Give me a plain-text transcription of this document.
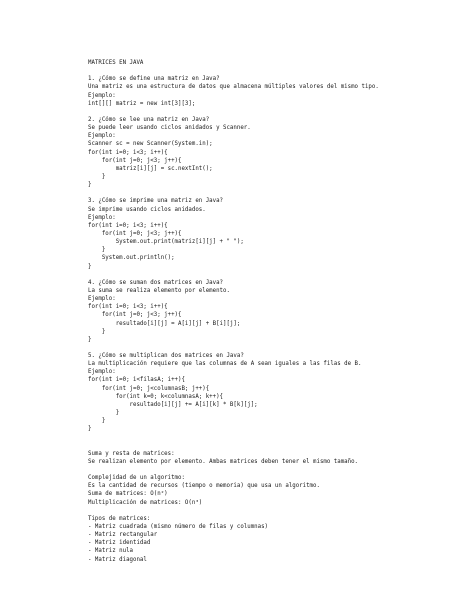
MATRICES EN JAVA
1. ¿Cómo se define una matriz en Java?
Una matriz es una estructura de datos que almacena múltiples valores del mismo tipo.
Ejemplo:
int[][] matriz = new int[3][3];
2. ¿Cómo se lee una matriz en Java?
Se puede leer usando ciclos anidados y Scanner.
Ejemplo:
Scanner sc = new Scanner(System.in);
for(int i=0; i<3; i++){
for(int j=0; j<3; j++){
matriz[i][j] = sc.nextInt();
}
}
3. ¿Cómo se imprime una matriz en Java?
Se imprime usando ciclos anidados.
Ejemplo:
for(int i=0; i<3; i++){
for(int j=0; j<3; j++){
System.out.print(matriz[i][j] + " ");
}
System.out.println();
}
4. ¿Cómo se suman dos matrices en Java?
La suma se realiza elemento por elemento.
Ejemplo:
for(int i=0; i<3; i++){
for(int j=0; j<3; j++){
resultado[i][j] = A[i][j] + B[i][j];
}
}
5. ¿Cómo se multiplican dos matrices en Java?
La multiplicación requiere que las columnas de A sean iguales a las filas de B.
Ejemplo:
for(int i=0; i<filasA; i++){
for(int j=0; j<columnasB; j++){
for(int k=0; k<columnasA; k++){
resultado[i][j] += A[i][k] * B[k][j];
}
}
}
Suma y resta de matrices:
Se realizan elemento por elemento. Ambas matrices deben tener el mismo tamaño.
Complejidad de un algoritmo:
Es la cantidad de recursos (tiempo o memoria) que usa un algoritmo.
Suma de matrices: O(n²)
Multiplicación de matrices: O(n³)
Tipos de matrices:
- Matriz cuadrada (mismo número de filas y columnas)
- Matriz rectangular
- Matriz identidad
- Matriz nula
- Matriz diagonal
